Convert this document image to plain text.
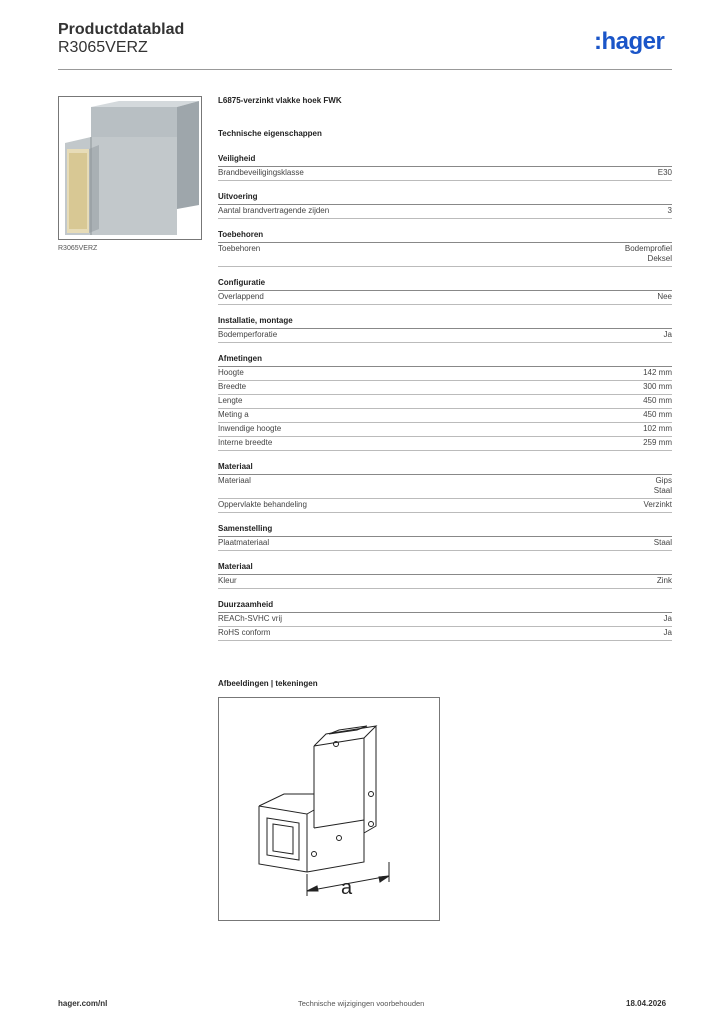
Productdatablad
R3065VERZ	:hager
R3065VERZ
L6875-verzinkt vlakke hoek FWK
Technische eigenschappen
Veiligheid
Brandbeveiligingsklasse	E30
Uitvoering
Aantal brandvertragende zijden	3
Toebehoren
Toebehoren	Bodemprofiel
Deksel
Configuratie
Overlappend	Nee
Installatie, montage
Bodemperforatie	Ja
Afmetingen
Hoogte	142 mm
Breedte	300 mm
Lengte	450 mm
Meting a	450 mm
Inwendige hoogte	102 mm
Interne breedte	259 mm
Materiaal
Materiaal	Gips
Staal
Oppervlakte behandeling	Verzinkt
Samenstelling
Plaatmateriaal	Staal
Materiaal
Kleur	Zink
Duurzaamheid
REACh-SVHC vrij	Ja
RoHS conform	Ja
Afbeeldingen | tekeningen
a
hager.com/nl	Technische wijzigingen voorbehouden	18.04.2026
